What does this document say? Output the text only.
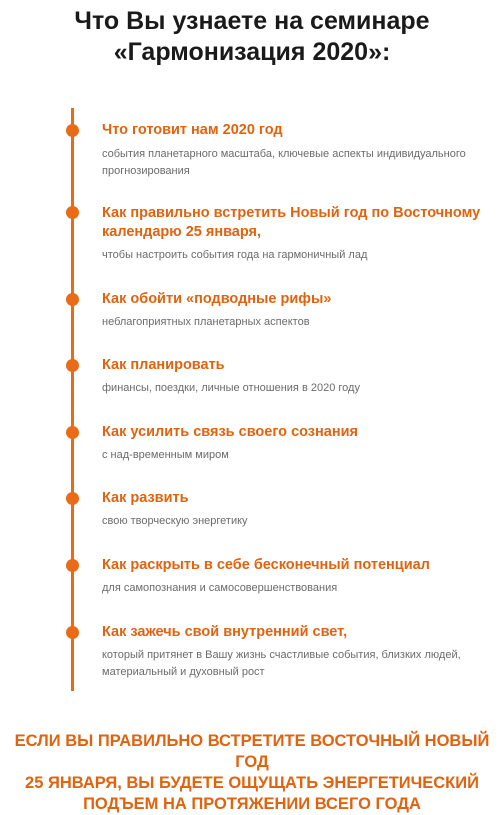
Что Вы узнаете на семинаре
«Гармонизация 2020»:

Что готовит нам 2020 год

события планетарного масштаба, ключевые аспекты индивидуального прогнозирования

Как правильно встретить Новый год по Восточному календарю 25 января,

чтобы настроить события года на гармоничный лад

Как обойти «подводные рифы»

неблагоприятных планетарных аспектов

Как планировать

финансы, поездки, личные отношения в 2020 году

Как усилить связь своего сознания

с над-временным миром

Как развить

свою творческую энергетику

Как раскрыть в себе бесконечный потенциал

для самопознания и самосовершенствования

Как зажечь свой внутренний свет,

который притянет в Вашу жизнь счастливые события, близких людей, материальный и духовный рост

ЕСЛИ ВЫ ПРАВИЛЬНО ВСТРЕТИТЕ ВОСТОЧНЫЙ НОВЫЙ ГОД
25 ЯНВАРЯ, ВЫ БУДЕТЕ ОЩУЩАТЬ ЭНЕРГЕТИЧЕСКИЙ
ПОДЪЕМ НА ПРОТЯЖЕНИИ ВСЕГО ГОДА
